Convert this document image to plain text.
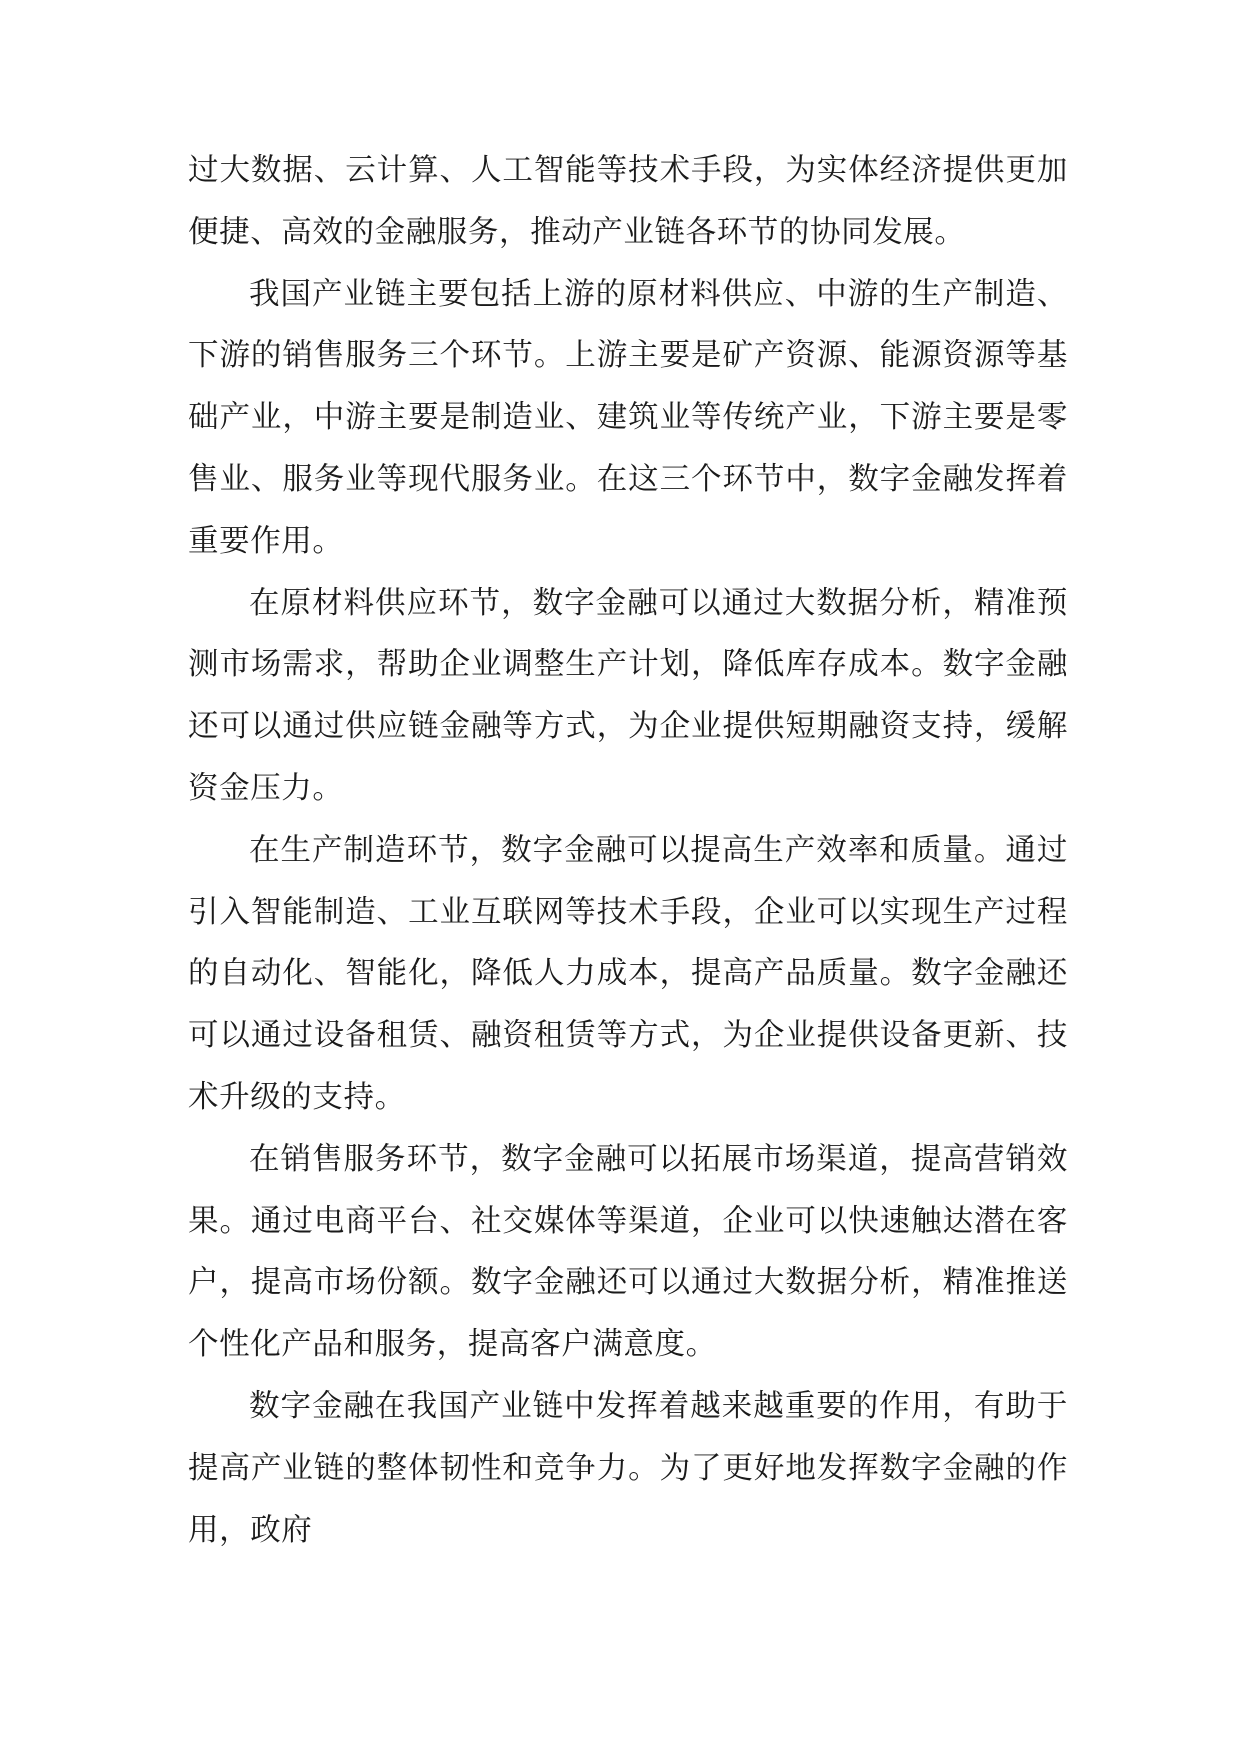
过大数据、云计算、人工智能等技术手段，为实体经济提供更加便捷、高效的金融服务，推动产业链各环节的协同发展。

我国产业链主要包括上游的原材料供应、中游的生产制造、下游的销售服务三个环节。上游主要是矿产资源、能源资源等基础产业，中游主要是制造业、建筑业等传统产业，下游主要是零售业、服务业等现代服务业。在这三个环节中，数字金融发挥着重要作用。

在原材料供应环节，数字金融可以通过大数据分析，精准预测市场需求，帮助企业调整生产计划，降低库存成本。数字金融还可以通过供应链金融等方式，为企业提供短期融资支持，缓解资金压力。

在生产制造环节，数字金融可以提高生产效率和质量。通过引入智能制造、工业互联网等技术手段，企业可以实现生产过程的自动化、智能化，降低人力成本，提高产品质量。数字金融还可以通过设备租赁、融资租赁等方式，为企业提供设备更新、技术升级的支持。

在销售服务环节，数字金融可以拓展市场渠道，提高营销效果。通过电商平台、社交媒体等渠道，企业可以快速触达潜在客户，提高市场份额。数字金融还可以通过大数据分析，精准推送个性化产品和服务，提高客户满意度。

数字金融在我国产业链中发挥着越来越重要的作用，有助于提高产业链的整体韧性和竞争力。为了更好地发挥数字金融的作用，政府
